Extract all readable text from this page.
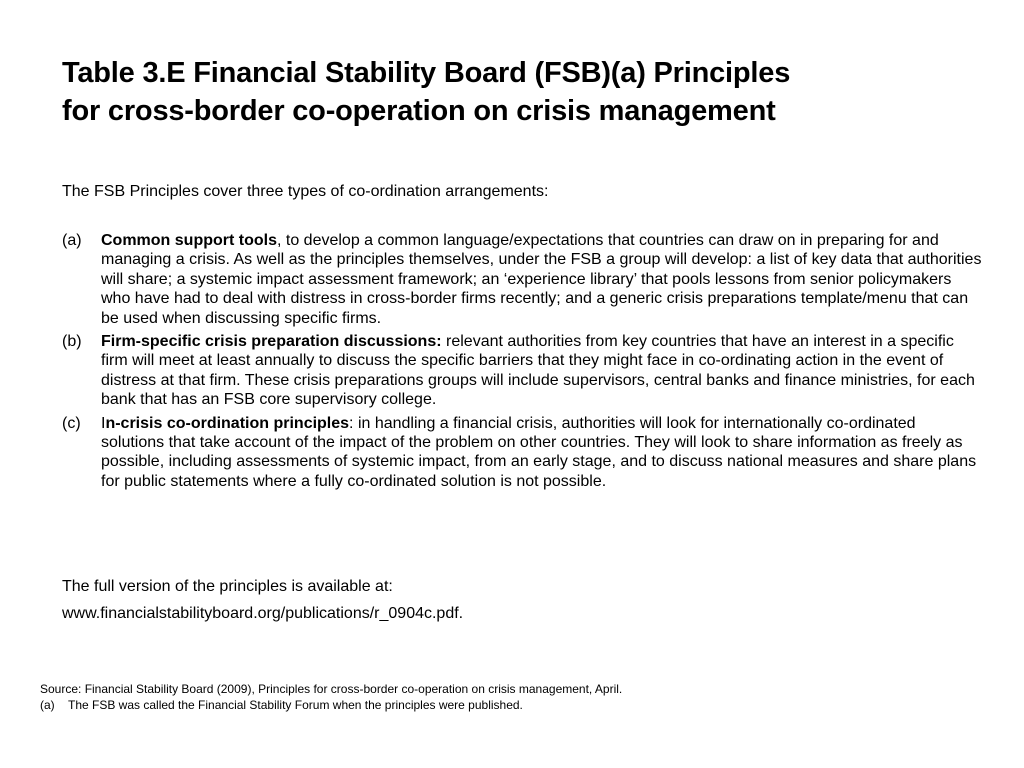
Table 3.E Financial Stability Board (FSB)(a) Principles
for cross-border co-operation on crisis management
The FSB Principles cover three types of co-ordination arrangements:
(a)	Common support tools, to develop a common language/expectations that countries can draw on in preparing for and managing a crisis. As well as the principles themselves, under the FSB a group will develop: a list of key data that authorities will share; a systemic impact assessment framework; an ‘experience library’ that pools lessons from senior policymakers who have had to deal with distress in cross-border firms recently; and a generic crisis preparations template/menu that can be used when discussing specific firms.
(b)	Firm-specific crisis preparation discussions: relevant authorities from key countries that have an interest in a specific firm will meet at least annually to discuss the specific barriers that they might face in co-ordinating action in the event of distress at that firm. These crisis preparations groups will include supervisors, central banks and finance ministries, for each bank that has an FSB core supervisory college.
(c)	In-crisis co-ordination principles: in handling a financial crisis, authorities will look for internationally co-ordinated solutions that take account of the impact of the problem on other countries. They will look to share information as freely as possible, including assessments of systemic impact, from an early stage, and to discuss national measures and share plans for public statements where a fully co-ordinated solution is not possible.
The full version of the principles is available at:
www.financialstabilityboard.org/publications/r_0904c.pdf.
Source: Financial Stability Board (2009), Principles for cross-border co-operation on crisis management, April.
(a) The FSB was called the Financial Stability Forum when the principles were published.
